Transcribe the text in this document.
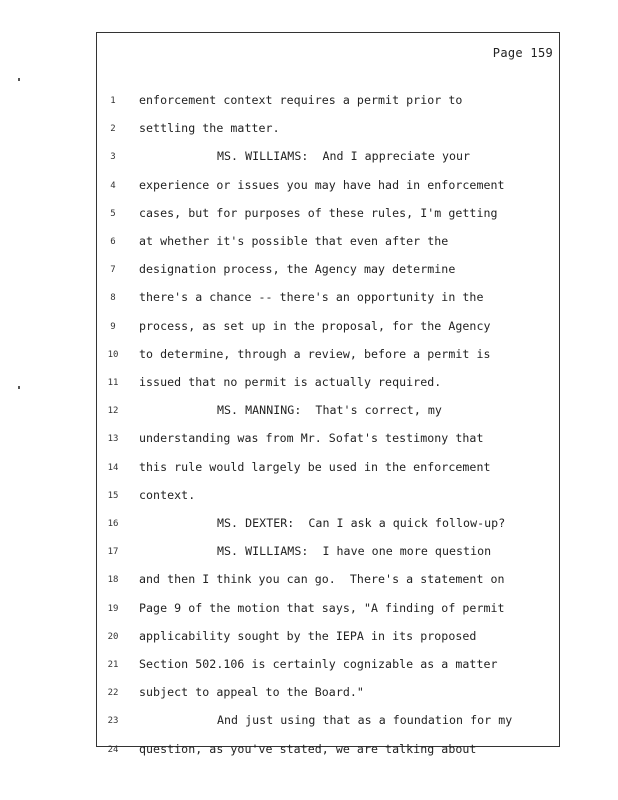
Page 159
1	enforcement context requires a permit prior to
2	settling the matter.
3	MS. WILLIAMS:  And I appreciate your
4	experience or issues you may have had in enforcement
5	cases, but for purposes of these rules, I'm getting
6	at whether it's possible that even after the
7	designation process, the Agency may determine
8	there's a chance -- there's an opportunity in the
9	process, as set up in the proposal, for the Agency
10	to determine, through a review, before a permit is
11	issued that no permit is actually required.
12	MS. MANNING:  That's correct, my
13	understanding was from Mr. Sofat's testimony that
14	this rule would largely be used in the enforcement
15	context.
16	MS. DEXTER:  Can I ask a quick follow-up?
17	MS. WILLIAMS:  I have one more question
18	and then I think you can go.  There's a statement on
19	Page 9 of the motion that says, "A finding of permit
20	applicability sought by the IEPA in its proposed
21	Section 502.106 is certainly cognizable as a matter
22	subject to appeal to the Board."
23	And just using that as a foundation for my
24	question, as you've stated, we are talking about
